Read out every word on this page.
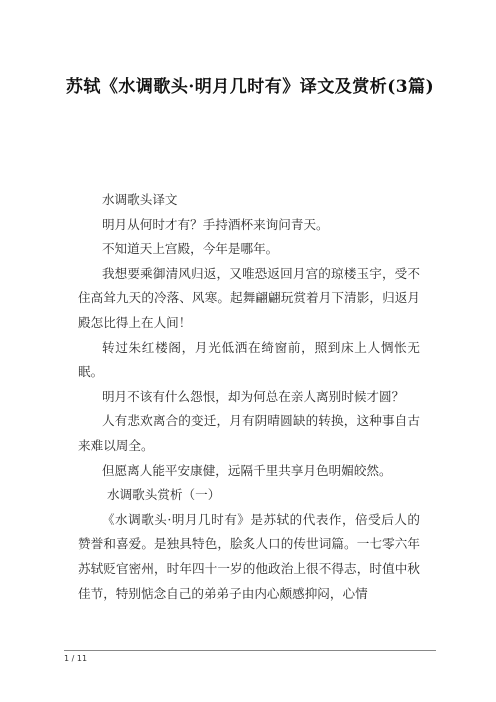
苏轼《水调歌头·明月几时有》译文及赏析(3篇)

水调歌头译文

明月从何时才有？手持酒杯来询问青天。

不知道天上宫殿，今年是哪年。

我想要乘御清风归返，又唯恐返回月宫的琼楼玉宇，受不住高耸九天的冷落、风寒。起舞翩翩玩赏着月下清影，归返月殿怎比得上在人间！

转过朱红楼阁，月光低洒在绮窗前，照到床上人惆怅无眠。

明月不该有什么怨恨，却为何总在亲人离别时候才圆？

人有悲欢离合的变迁，月有阴晴圆缺的转换，这种事自古来难以周全。

但愿离人能平安康健，远隔千里共享月色明媚皎然。

水调歌头赏析（一）

《水调歌头·明月几时有》是苏轼的代表作，倍受后人的赞誉和喜爱。是独具特色，脍炙人口的传世词篇。一七零六年苏轼贬官密州，时年四十一岁的他政治上很不得志，时值中秋佳节，特别惦念自己的弟弟子由内心颇感抑闷，心情

1 / 11
